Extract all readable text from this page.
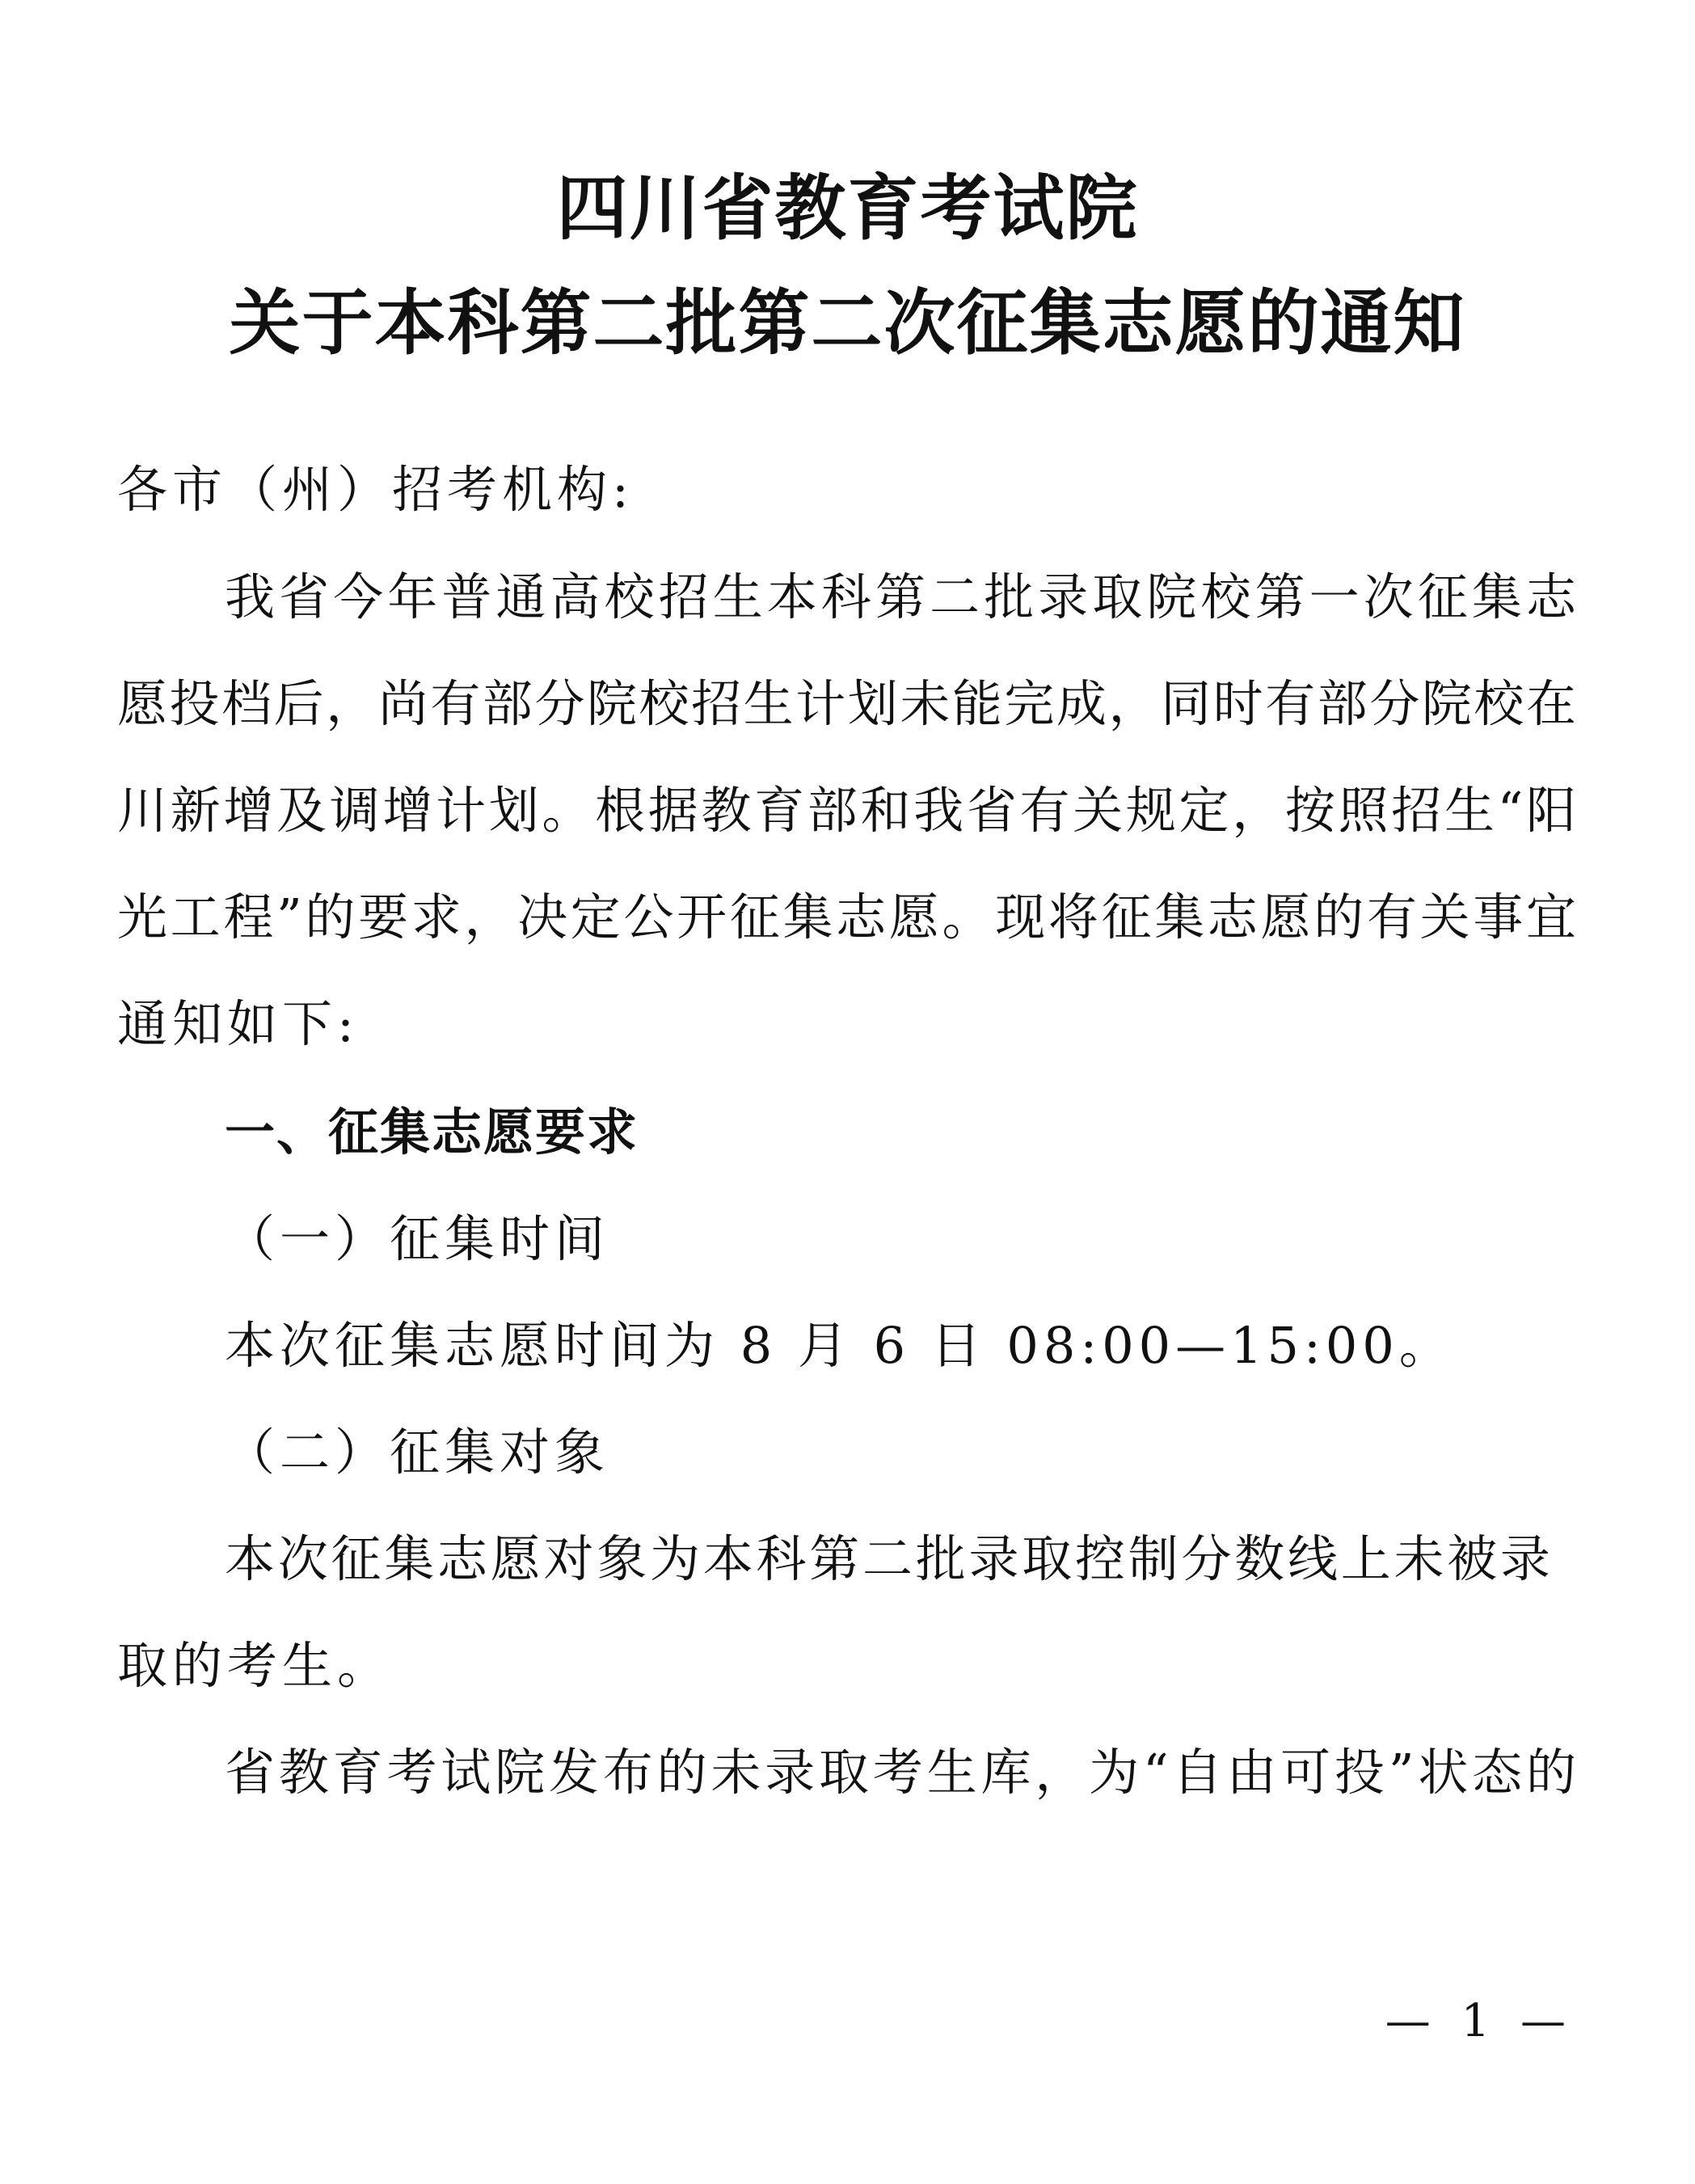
四川省教育考试院
关于本科第二批第二次征集志愿的通知
各市（州）招考机构:
我省今年普通高校招生本科第二批录取院校第一次征集志
愿投档后，尚有部分院校招生计划未能完成，同时有部分院校在
川新增及调增计划。根据教育部和我省有关规定，按照招生“阳
光工程”的要求，决定公开征集志愿。现将征集志愿的有关事宜
通知如下:
一、征集志愿要求
（一）征集时间
本次征集志愿时间为 8 月 6 日 08:00—15:00。
（二）征集对象
本次征集志愿对象为本科第二批录取控制分数线上未被录
取的考生。
省教育考试院发布的未录取考生库，为“自由可投”状态的
— 1 —
